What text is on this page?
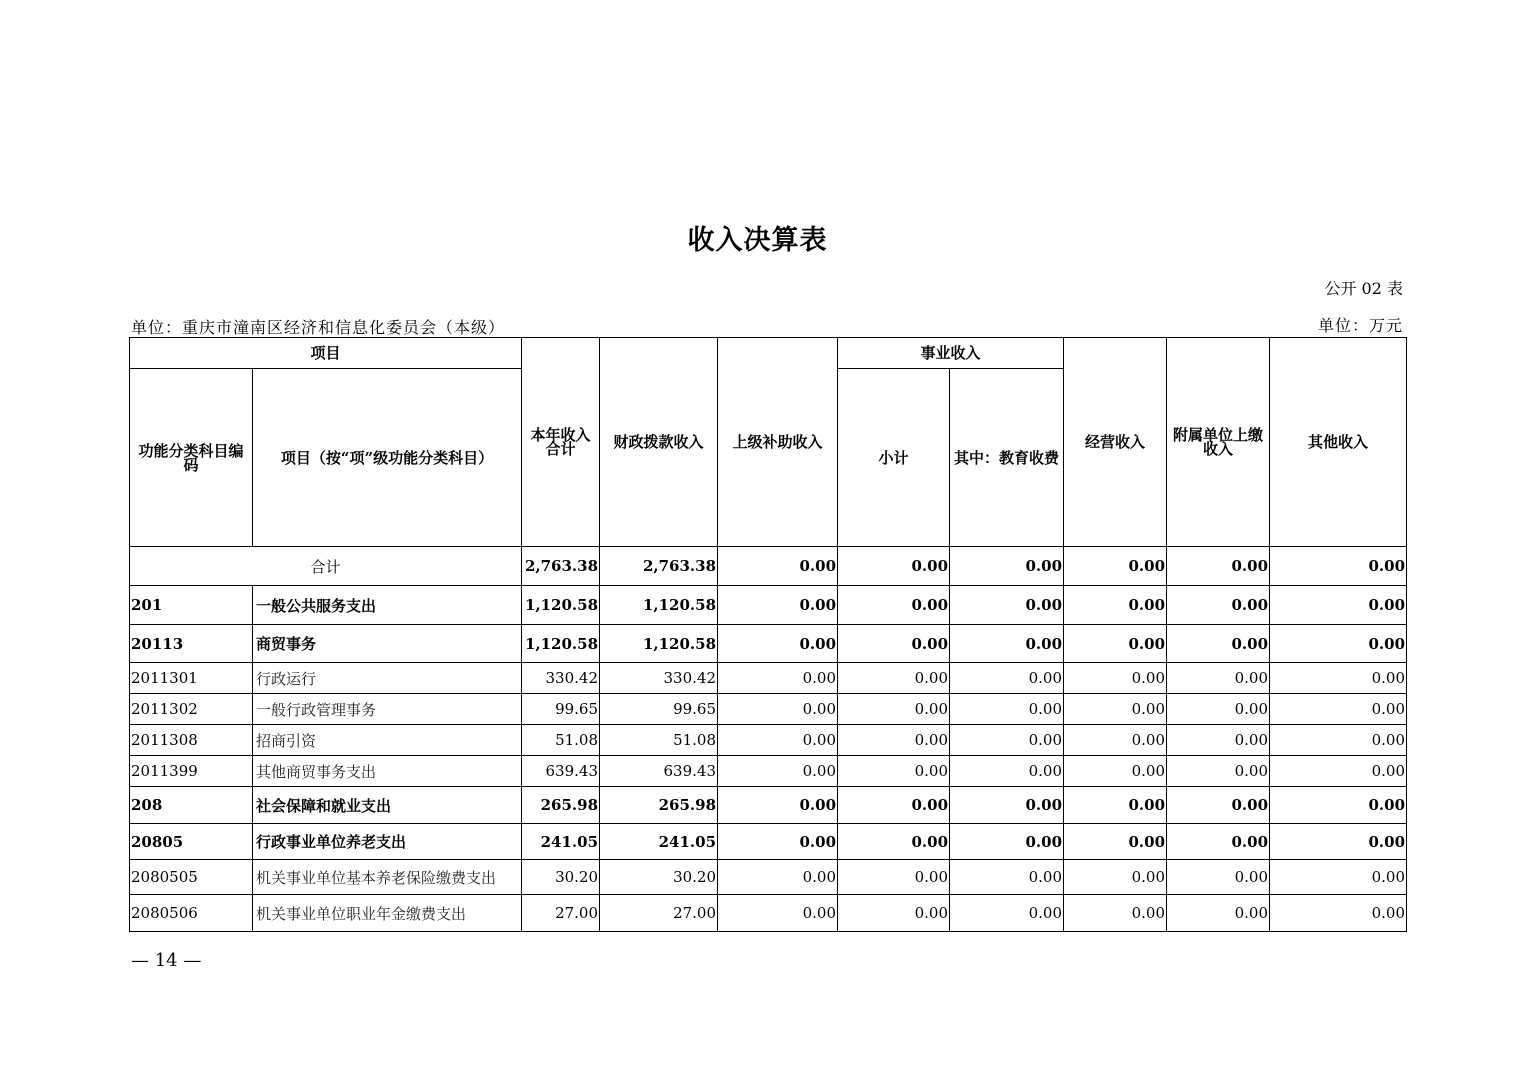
收入决算表
公开 02 表
单位：重庆市潼南区经济和信息化委员会（本级）	单位：万元
项目		本年收入合计	财政拨款收入	上级补助收入	事业收入		经营收入	附属单位上缴收入	其他收入
功能分类科目编码	项目（按“项”级功能分类科目）				小计	其中：教育收费			
合计		2,763.38	2,763.38	0.00	0.00	0.00	0.00	0.00	0.00
201	一般公共服务支出	1,120.58	1,120.58	0.00	0.00	0.00	0.00	0.00	0.00
20113	商贸事务	1,120.58	1,120.58	0.00	0.00	0.00	0.00	0.00	0.00
2011301	行政运行	330.42	330.42	0.00	0.00	0.00	0.00	0.00	0.00
2011302	一般行政管理事务	99.65	99.65	0.00	0.00	0.00	0.00	0.00	0.00
2011308	招商引资	51.08	51.08	0.00	0.00	0.00	0.00	0.00	0.00
2011399	其他商贸事务支出	639.43	639.43	0.00	0.00	0.00	0.00	0.00	0.00
208	社会保障和就业支出	265.98	265.98	0.00	0.00	0.00	0.00	0.00	0.00
20805	行政事业单位养老支出	241.05	241.05	0.00	0.00	0.00	0.00	0.00	0.00
2080505	机关事业单位基本养老保险缴费支出	30.20	30.20	0.00	0.00	0.00	0.00	0.00	0.00
2080506	机关事业单位职业年金缴费支出	27.00	27.00	0.00	0.00	0.00	0.00	0.00	0.00
— 14 —
